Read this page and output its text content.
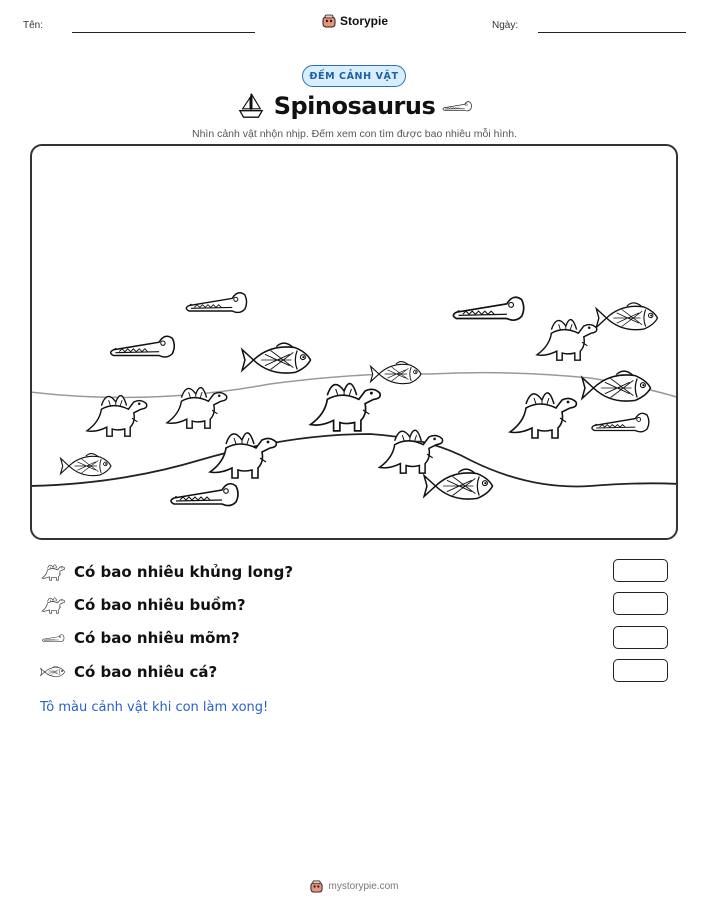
Tên:	Storypie	Ngày:
ĐẾM CẢNH VẬT
Spinosaurus
Nhìn cảnh vật nhộn nhịp. Đếm xem con tìm được bao nhiêu mỗi hình.
Có bao nhiêu khủng long?
Có bao nhiêu buồm?
Có bao nhiêu mõm?
Có bao nhiêu cá?
Tô màu cảnh vật khi con làm xong!
mystorypie.com
